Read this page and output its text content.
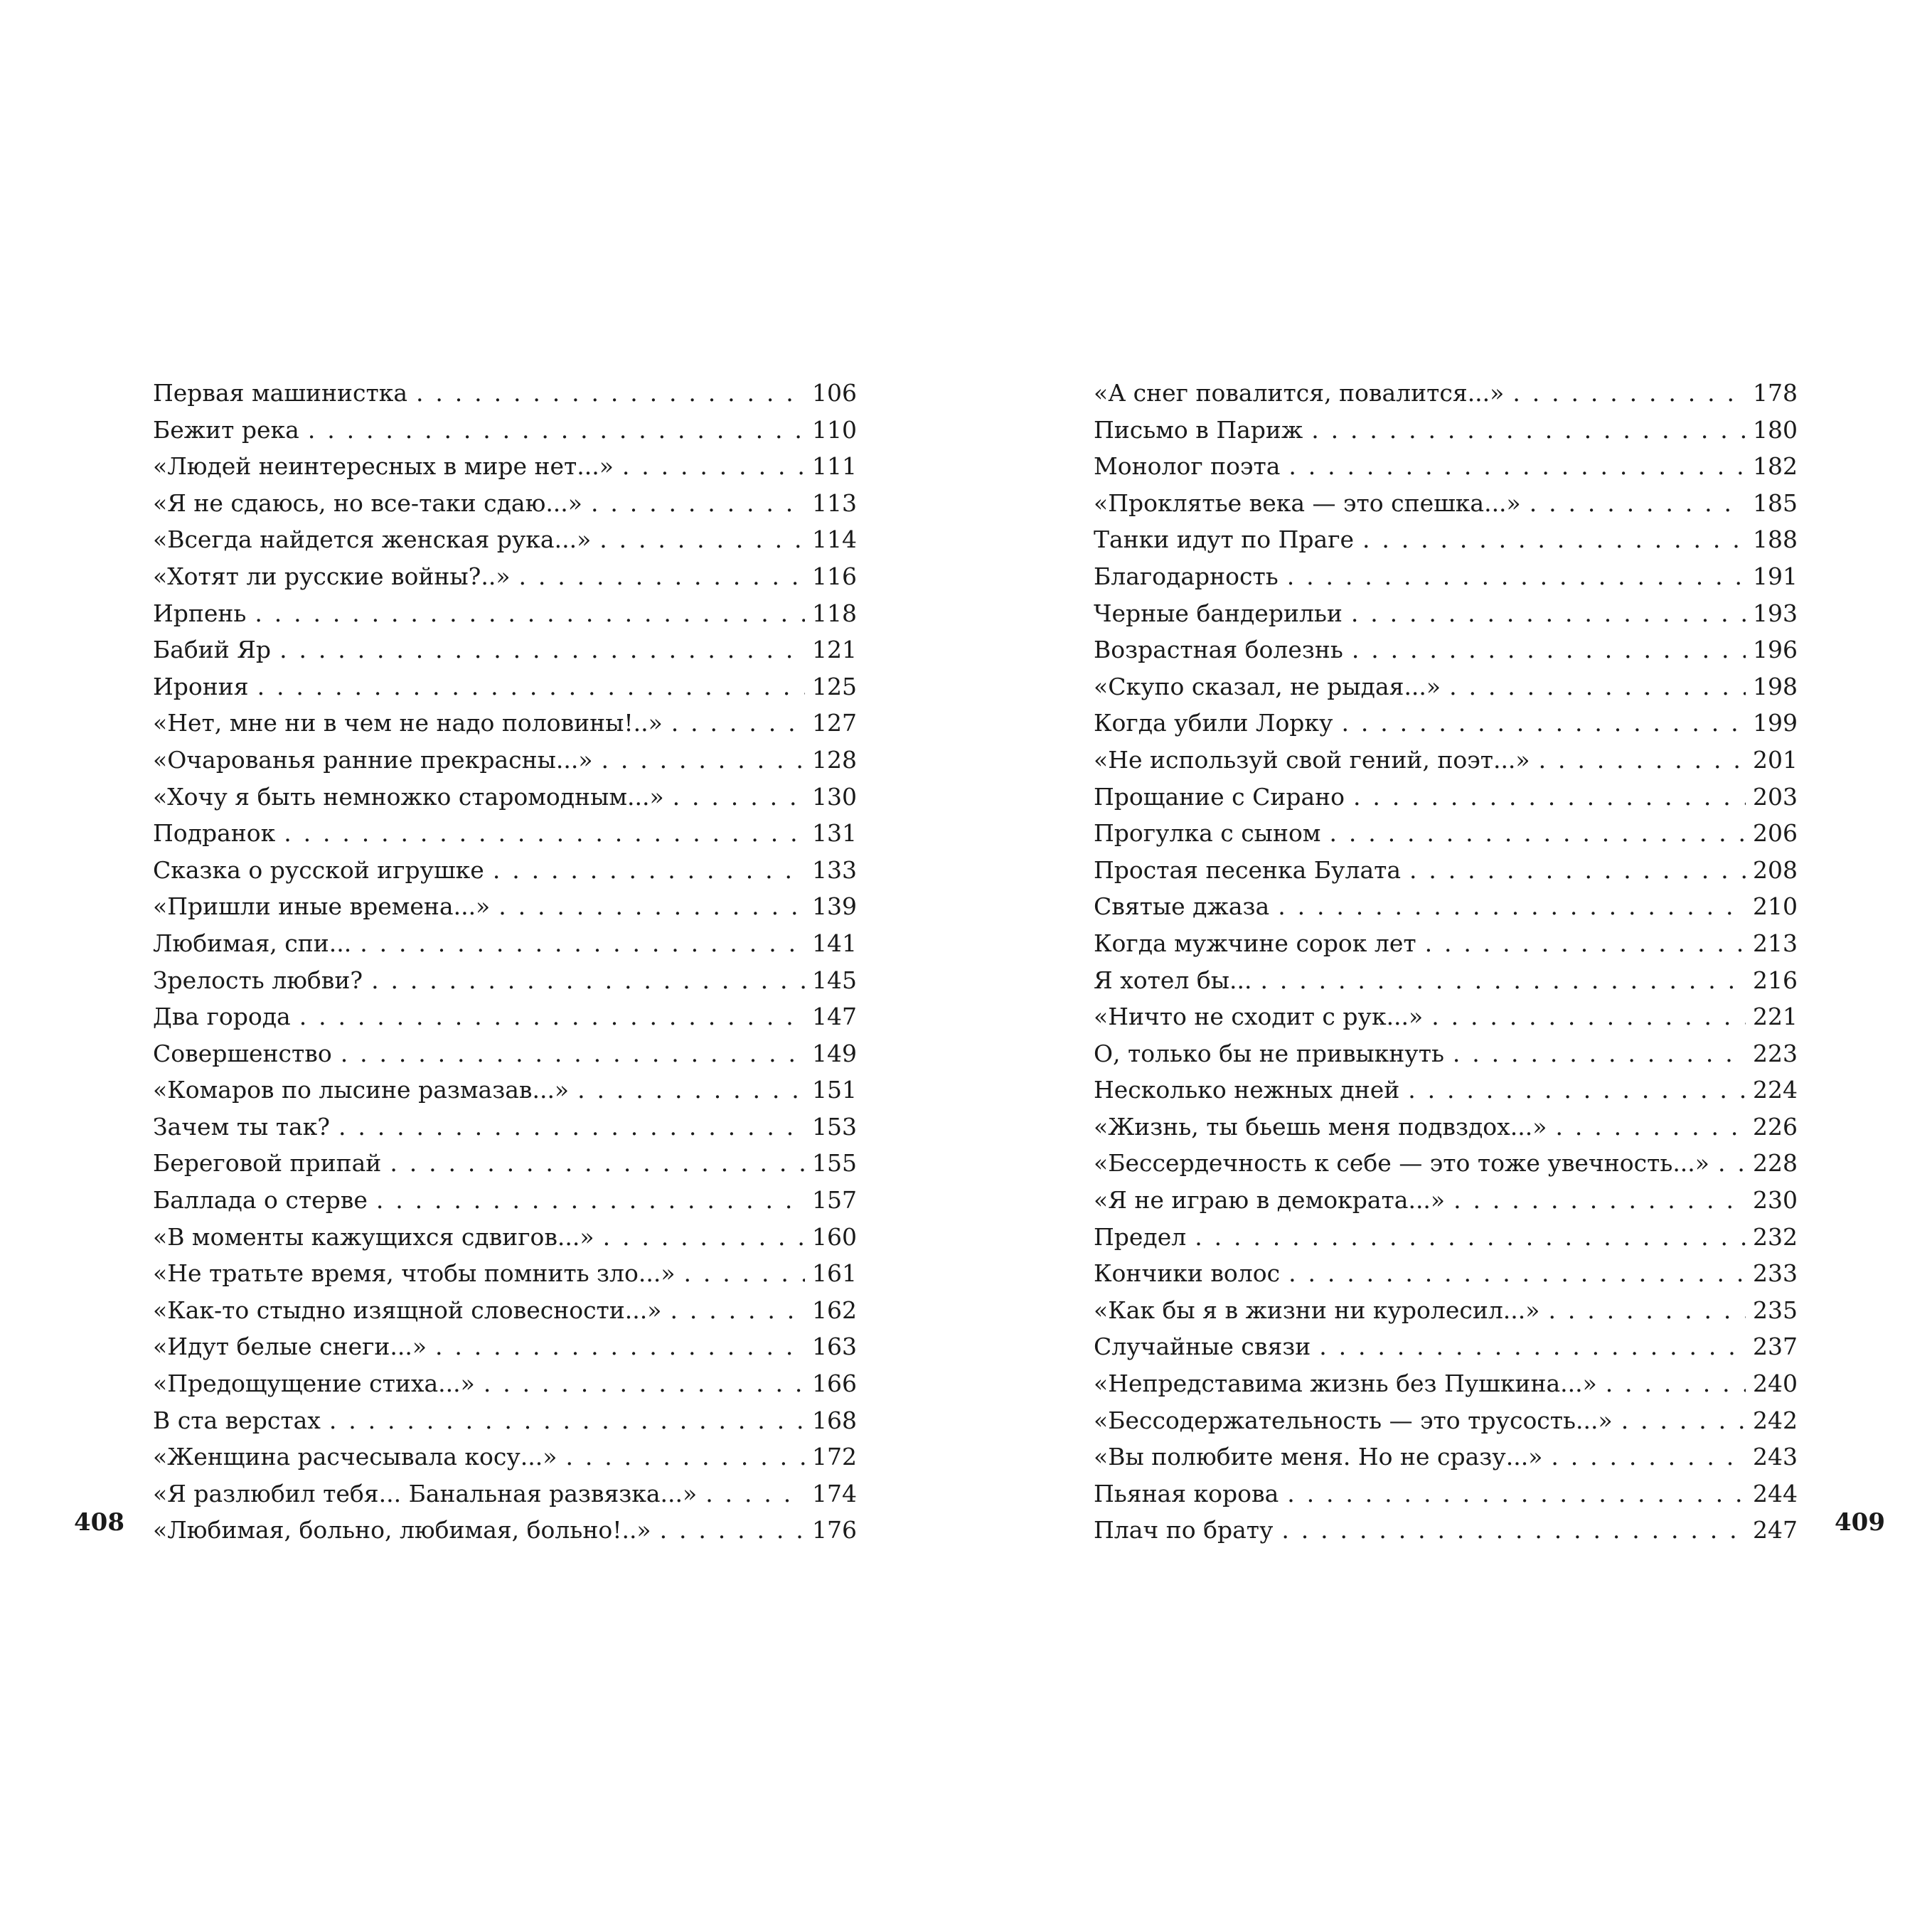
Первая машинистка . . .	106
Бежит река . . .	110
«Людей неинтересных в мире нет...» . . .	111
«Я не сдаюсь, но все-таки сдаю...» . . .	113
«Всегда найдется женская рука...» . . .	114
«Хотят ли русские войны?..» . . .	116
Ирпень . . .	118
Бабий Яр . . .	121
Ирония . . .	125
«Нет, мне ни в чем не надо половины!..» . . .	127
«Очарованья ранние прекрасны...» . . .	128
«Хочу я быть немножко старомодным...» . . .	130
Подранок . . .	131
Сказка о русской игрушке . . .	133
«Пришли иные времена...» . . .	139
Любимая, спи... . . .	141
Зрелость любви? . . .	145
Два города . . .	147
Совершенство . . .	149
«Комаров по лысине размазав...» . . .	151
Зачем ты так? . . .	153
Береговой припай . . .	155
Баллада о стерве . . .	157
«В моменты кажущихся сдвигов...» . . .	160
«Не тратьте время, чтобы помнить зло...» . . .	161
«Как-то стыдно изящной словесности...» . . .	162
«Идут белые снеги...» . . .	163
«Предощущение стиха...» . . .	166
В ста верстах . . .	168
«Женщина расчесывала косу...» . . .	172
«Я разлюбил тебя... Банальная развязка...» . . .	174
«Любимая, больно, любимая, больно!..» . . .	176
«А снег повалится, повалится...» . . .	178
Письмо в Париж . . .	180
Монолог поэта . . .	182
«Проклятье века — это спешка...» . . .	185
Танки идут по Праге . . .	188
Благодарность . . .	191
Черные бандерильи . . .	193
Возрастная болезнь . . .	196
«Скупо сказал, не рыдая...» . . .	198
Когда убили Лорку . . .	199
«Не используй свой гений, поэт...» . . .	201
Прощание с Сирано . . .	203
Прогулка с сыном . . .	206
Простая песенка Булата . . .	208
Святые джаза . . .	210
Когда мужчине сорок лет . . .	213
Я хотел бы... . . .	216
«Ничто не сходит с рук...» . . .	221
О, только бы не привыкнуть . . .	223
Несколько нежных дней . . .	224
«Жизнь, ты бьешь меня подвздох...» . . .	226
«Бессердечность к себе — это тоже увечность...» . . . 228
«Я не играю в демократа...» . . .	230
Предел . . .	232
Кончики волос . . .	233
«Как бы я в жизни ни куролесил...» . . .	235
Случайные связи . . .	237
«Непредставима жизнь без Пушкина...» . . .	240
«Бессодержательность — это трусость...» . . .	242
«Вы полюбите меня. Но не сразу...» . . .	243
Пьяная корова . . .	244
Плач по брату . . .	247
408	409
